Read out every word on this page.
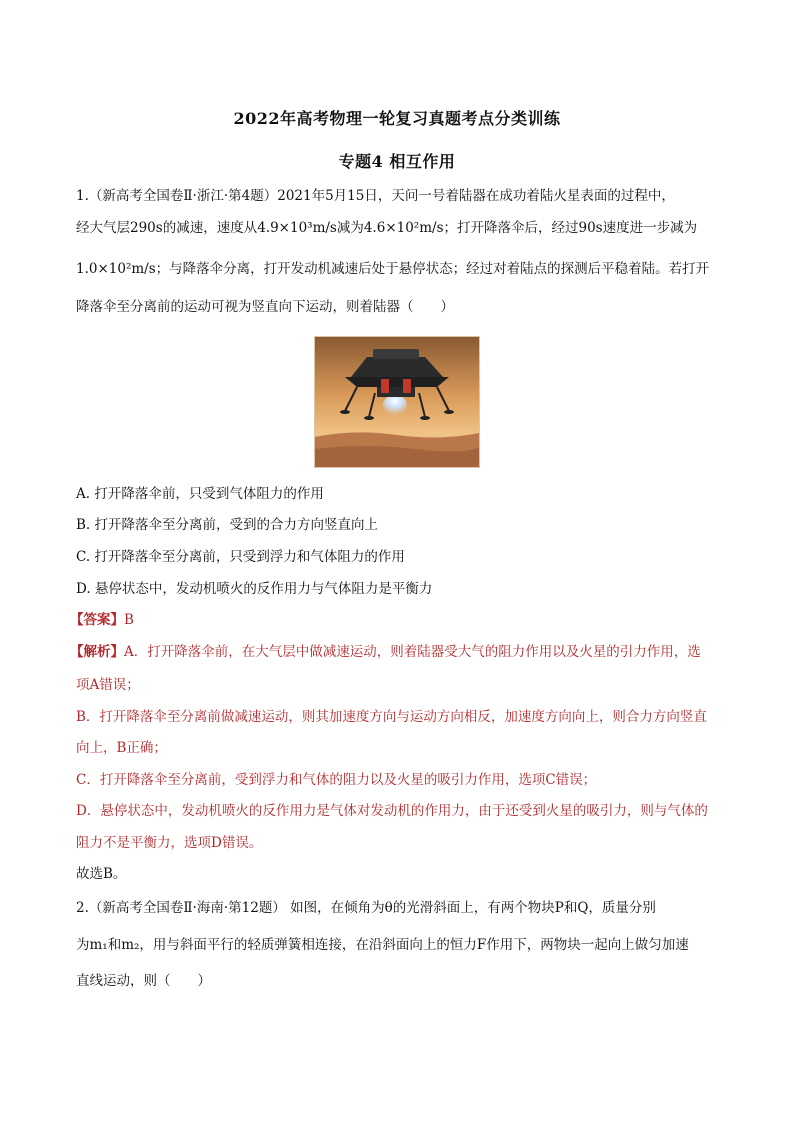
2022年高考物理一轮复习真题考点分类训练
专题4 相互作用
1.（新高考全国卷Ⅱ·浙江·第4题）2021年5月15日，天问一号着陆器在成功着陆火星表面的过程中，
经大气层290s的减速，速度从4.9×10³m/s减为4.6×10²m/s；打开降落伞后，经过90s速度进一步减为
1.0×10²m/s；与降落伞分离，打开发动机减速后处于悬停状态；经过对着陆点的探测后平稳着陆。若打开
降落伞至分离前的运动可视为竖直向下运动，则着陆器（　　）
A. 打开降落伞前，只受到气体阻力的作用
B. 打开降落伞至分离前，受到的合力方向竖直向上
C. 打开降落伞至分离前，只受到浮力和气体阻力的作用
D. 悬停状态中，发动机喷火的反作用力与气体阻力是平衡力
【答案】B
【解析】A．打开降落伞前，在大气层中做减速运动，则着陆器受大气的阻力作用以及火星的引力作用，选
项A错误；
B．打开降落伞至分离前做减速运动，则其加速度方向与运动方向相反，加速度方向向上，则合力方向竖直
向上，B正确；
C．打开降落伞至分离前，受到浮力和气体的阻力以及火星的吸引力作用，选项C错误；
D．悬停状态中，发动机喷火的反作用力是气体对发动机的作用力，由于还受到火星的吸引力，则与气体的
阻力不是平衡力，选项D错误。
故选B。
2.（新高考全国卷Ⅱ·海南·第12题） 如图，在倾角为θ的光滑斜面上，有两个物块P和Q，质量分别
为m₁和m₂，用与斜面平行的轻质弹簧相连接，在沿斜面向上的恒力F作用下，两物块一起向上做匀加速
直线运动，则（　　）
